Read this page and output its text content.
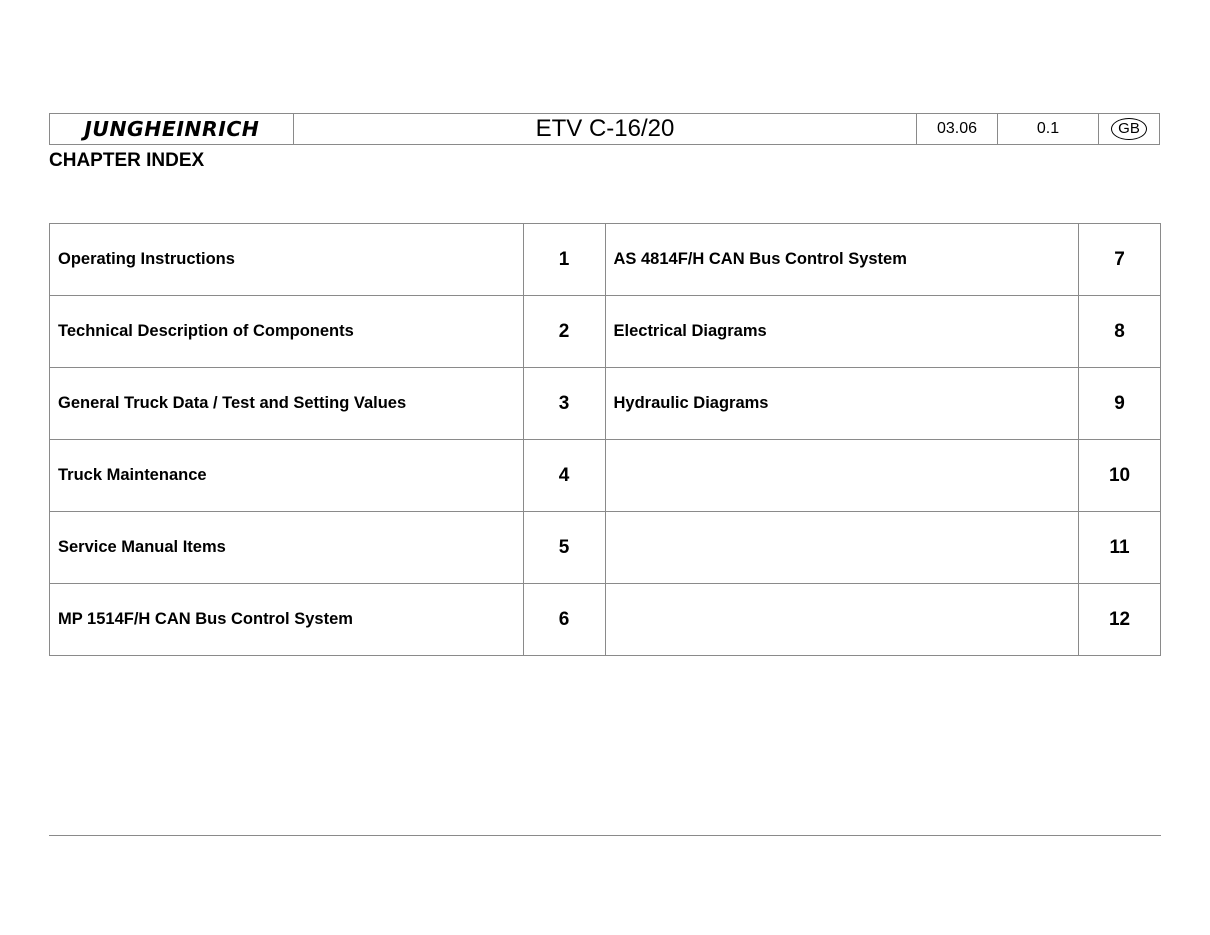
JUNGHEINRICH	ETV C-16/20	03.06	0.1	GB
CHAPTER INDEX
Operating Instructions	1	AS 4814F/H CAN Bus Control System	7
Technical Description of Components	2	Electrical Diagrams	8
General Truck Data / Test and Setting Values	3	Hydraulic Diagrams	9
Truck Maintenance	4		10
Service Manual Items	5		11
MP 1514F/H CAN Bus Control System	6		12
